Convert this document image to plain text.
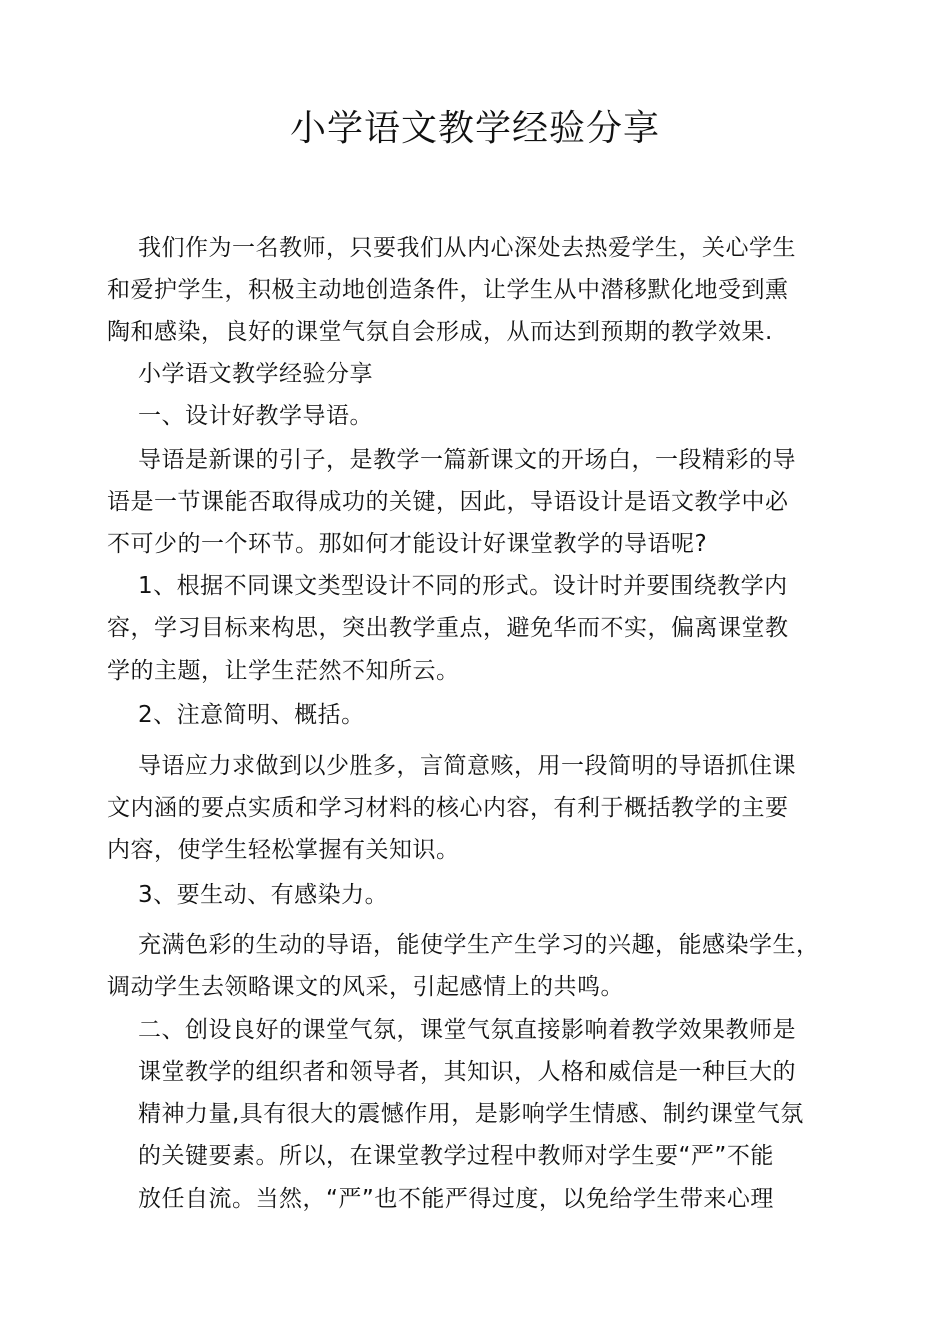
小学语文教学经验分享
我们作为一名教师，只要我们从内心深处去热爱学生，关心学生
和爱护学生，积极主动地创造条件，让学生从中潜移默化地受到熏
陶和感染，良好的课堂气氛自会形成，从而达到预期的教学效果.
小学语文教学经验分享
一、设计好教学导语。
导语是新课的引子，是教学一篇新课文的开场白，一段精彩的导
语是一节课能否取得成功的关键，因此，导语设计是语文教学中必
不可少的一个环节。那如何才能设计好课堂教学的导语呢?
1、根据不同课文类型设计不同的形式。设计时并要围绕教学内
容，学习目标来构思，突出教学重点，避免华而不实，偏离课堂教
学的主题，让学生茫然不知所云。
2、注意简明、概括。
导语应力求做到以少胜多，言简意赅，用一段简明的导语抓住课
文内涵的要点实质和学习材料的核心内容，有利于概括教学的主要
内容，使学生轻松掌握有关知识。
3、要生动、有感染力。
充满色彩的生动的导语，能使学生产生学习的兴趣，能感染学生，
调动学生去领略课文的风采，引起感情上的共鸣。
二、创设良好的课堂气氛，课堂气氛直接影响着教学效果教师是
课堂教学的组织者和领导者，其知识，人格和威信是一种巨大的
精神力量,具有很大的震憾作用，是影响学生情感、制约课堂气氛
的关键要素。所以，在课堂教学过程中教师对学生要“严”不能
放任自流。当然，“严”也不能严得过度，以免给学生带来心理
